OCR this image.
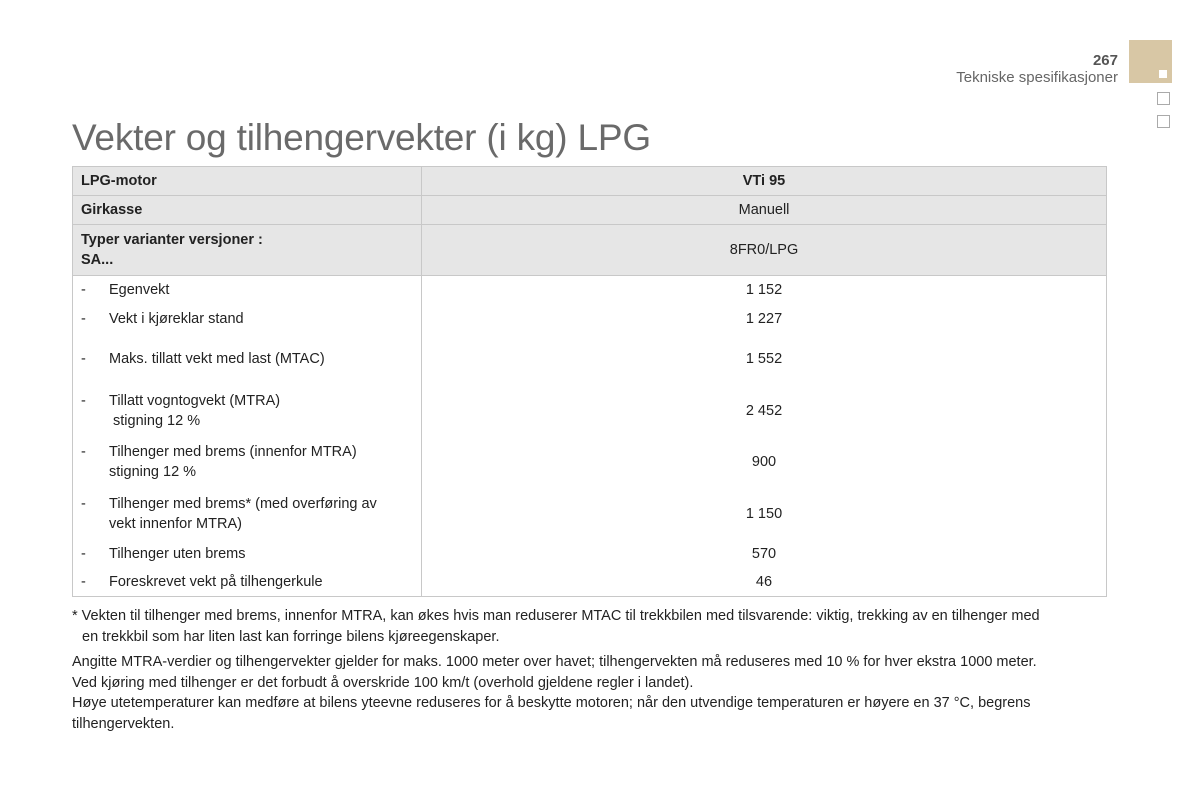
267
Tekniske spesifikasjoner
Vekter og tilhengervekter (i kg) LPG
LPG-motor	VTi 95
Girkasse	Manuell

Typer varianter versjoner :
SA...	8FR0/LPG

- Egenvekt	1 152

- Vekt i kjøreklar stand	1 227

- Maks. tillatt vekt med last (MTAC)	1 552

- Tillatt vogntogvekt (MTRA)
stigning 12 %	2 452

- Tilhenger med brems (innenfor MTRA)
stigning 12 %	900

- Tilhenger med brems* (med overføring av
vekt innenfor MTRA)	1 150

- Tilhenger uten brems	570

- Foreskrevet vekt på tilhengerkule	46
* Vekten til tilhenger med brems, innenfor MTRA, kan økes hvis man reduserer MTAC til trekkbilen med tilsvarende: viktig, trekking av en tilhenger med
en trekkbil som har liten last kan forringe bilens kjøreegenskaper.

Angitte MTRA-verdier og tilhengervekter gjelder for maks. 1000 meter over havet; tilhengervekten må reduseres med 10 % for hver ekstra 1000 meter.

Ved kjøring med tilhenger er det forbudt å overskride 100 km/t (overhold gjeldene regler i landet).

Høye utetemperaturer kan medføre at bilens yteevne reduseres for å beskytte motoren; når den utvendige temperaturen er høyere en 37 °C, begrens

tilhengervekten.
